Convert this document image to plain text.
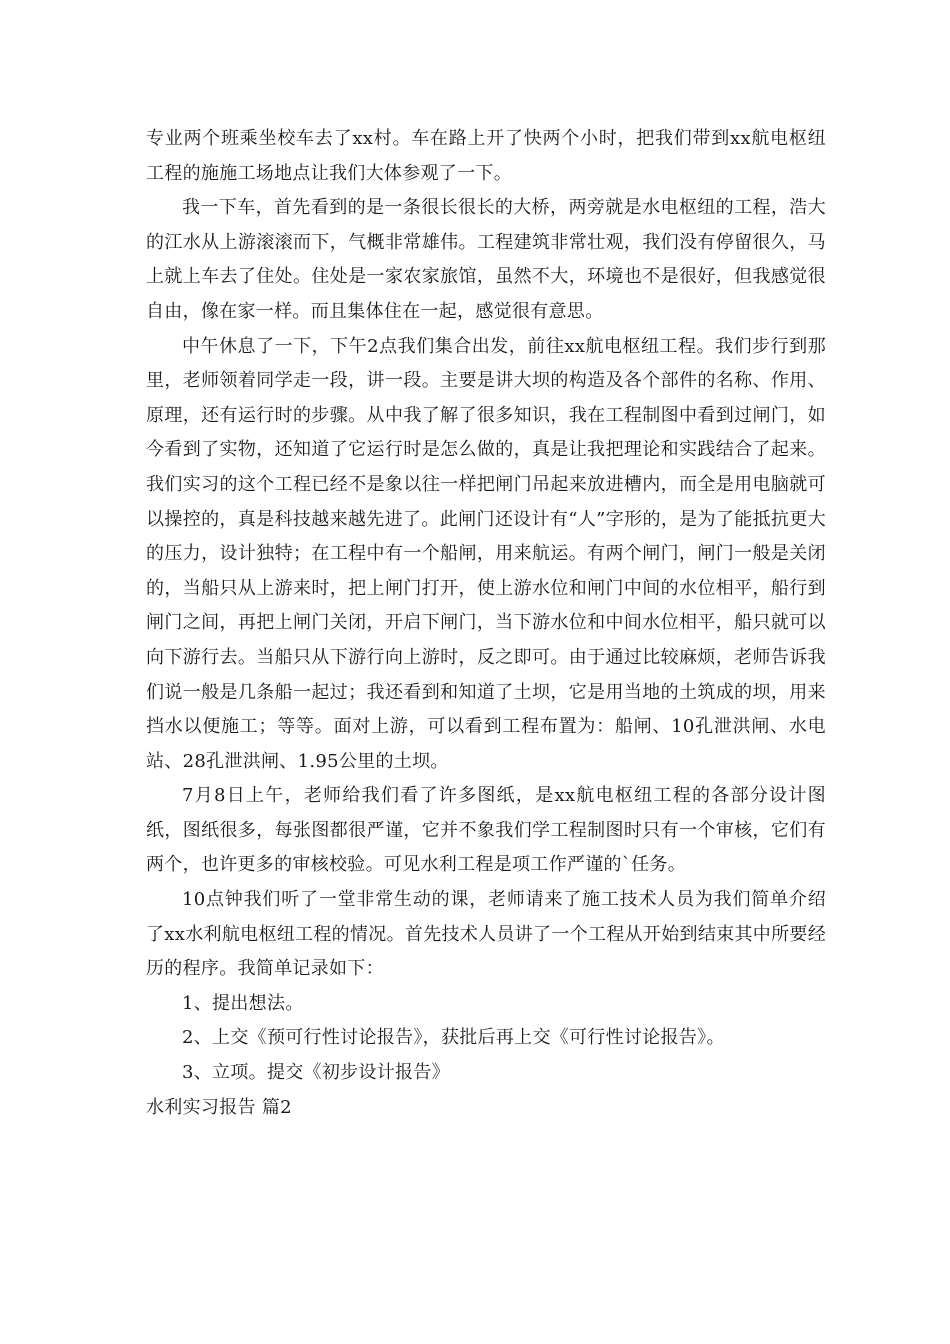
专业两个班乘坐校车去了xx村。车在路上开了快两个小时，把我们带到xx航电枢纽工程的施施工场地点让我们大体参观了一下。

我一下车，首先看到的是一条很长很长的大桥，两旁就是水电枢纽的工程，浩大的江水从上游滚滚而下，气概非常雄伟。工程建筑非常壮观，我们没有停留很久，马上就上车去了住处。住处是一家农家旅馆，虽然不大，环境也不是很好，但我感觉很自由，像在家一样。而且集体住在一起，感觉很有意思。

中午休息了一下，下午2点我们集合出发，前往xx航电枢纽工程。我们步行到那里，老师领着同学走一段，讲一段。主要是讲大坝的构造及各个部件的名称、作用、原理，还有运行时的步骤。从中我了解了很多知识，我在工程制图中看到过闸门，如今看到了实物，还知道了它运行时是怎么做的，真是让我把理论和实践结合了起来。我们实习的这个工程已经不是象以往一样把闸门吊起来放进槽内，而全是用电脑就可以操控的，真是科技越来越先进了。此闸门还设计有“人”字形的，是为了能抵抗更大的压力，设计独特；在工程中有一个船闸，用来航运。有两个闸门，闸门一般是关闭的，当船只从上游来时，把上闸门打开，使上游水位和闸门中间的水位相平，船行到闸门之间，再把上闸门关闭，开启下闸门，当下游水位和中间水位相平，船只就可以向下游行去。当船只从下游行向上游时，反之即可。由于通过比较麻烦，老师告诉我们说一般是几条船一起过；我还看到和知道了土坝，它是用当地的土筑成的坝，用来挡水以便施工；等等。面对上游，可以看到工程布置为：船闸、10孔泄洪闸、水电站、28孔泄洪闸、1.95公里的土坝。

7月8日上午，老师给我们看了许多图纸，是xx航电枢纽工程的各部分设计图纸，图纸很多，每张图都很严谨，它并不象我们学工程制图时只有一个审核，它们有两个，也许更多的审核校验。可见水利工程是项工作严谨的`任务。

10点钟我们听了一堂非常生动的课，老师请来了施工技术人员为我们简单介绍了xx水利航电枢纽工程的情况。首先技术人员讲了一个工程从开始到结束其中所要经历的程序。我简单记录如下：

1、提出想法。

2、上交《预可行性讨论报告》，获批后再上交《可行性讨论报告》。

3、立项。提交《初步设计报告》

水利实习报告 篇2
